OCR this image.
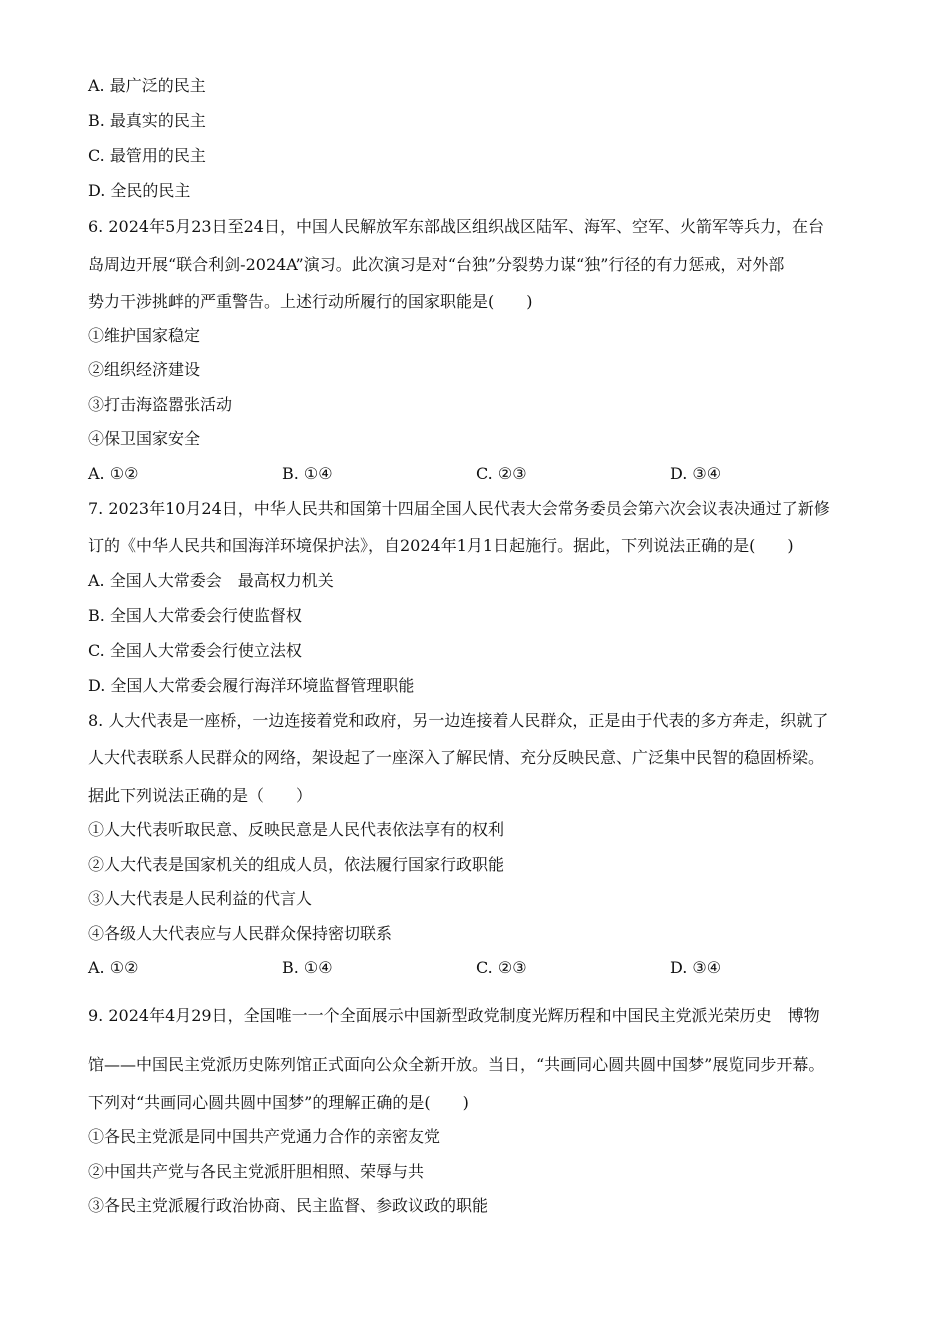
A. 最广泛的民主
B. 最真实的民主
C. 最管用的民主
D. 全民的民主
6. 2024年5月23日至24日，中国人民解放军东部战区组织战区陆军、海军、空军、火箭军等兵力，在台
岛周边开展“联合利剑-2024A”演习。此次演习是对“台独”分裂势力谋“独”行径的有力惩戒，对外部
势力干涉挑衅的严重警告。上述行动所履行的国家职能是(　　)
①维护国家稳定
②组织经济建设
③打击海盗嚣张活动
④保卫国家安全
A. ①②	B. ①④	C. ②③	D. ③④
7. 2023年10月24日，中华人民共和国第十四届全国人民代表大会常务委员会第六次会议表决通过了新修
订的《中华人民共和国海洋环境保护法》，自2024年1月1日起施行。据此，下列说法正确的是(　　)
A. 全国人大常委会　最高权力机关
B. 全国人大常委会行使监督权
C. 全国人大常委会行使立法权
D. 全国人大常委会履行海洋环境监督管理职能
8. 人大代表是一座桥，一边连接着党和政府，另一边连接着人民群众，正是由于代表的多方奔走，织就了
人大代表联系人民群众的网络，架设起了一座深入了解民情、充分反映民意、广泛集中民智的稳固桥梁。
据此下列说法正确的是（　　）
①人大代表听取民意、反映民意是人民代表依法享有的权利
②人大代表是国家机关的组成人员，依法履行国家行政职能
③人大代表是人民利益的代言人
④各级人大代表应与人民群众保持密切联系
A. ①②	B. ①④	C. ②③	D. ③④
9. 2024年4月29日，全国唯一一个全面展示中国新型政党制度光辉历程和中国民主党派光荣历史　博物
馆——中国民主党派历史陈列馆正式面向公众全新开放。当日，“共画同心圆共圆中国梦”展览同步开幕。
下列对“共画同心圆共圆中国梦”的理解正确的是(　　)
①各民主党派是同中国共产党通力合作的亲密友党
②中国共产党与各民主党派肝胆相照、荣辱与共
③各民主党派履行政治协商、民主监督、参政议政的职能
